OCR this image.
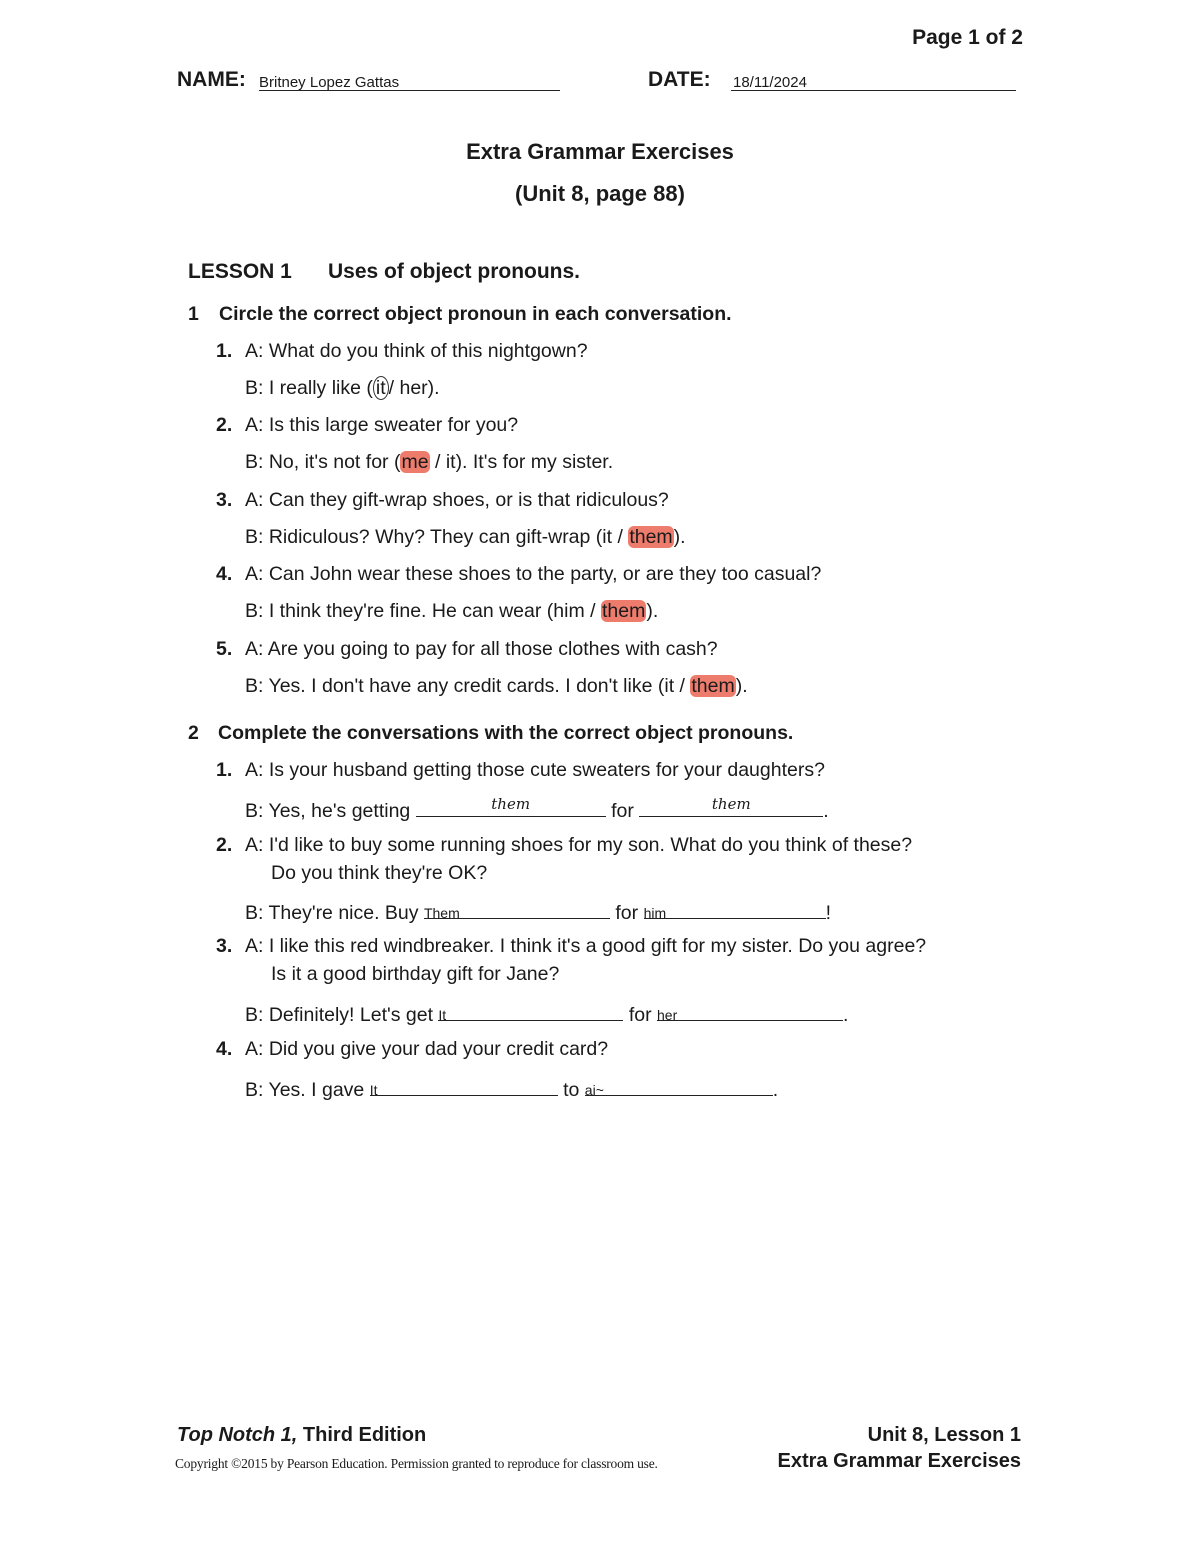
Page 1 of 2
NAME: Britney Lopez Gattas	DATE: 18/11/2024
Extra Grammar Exercises
(Unit 8, page 88)
LESSON 1 Uses of object pronouns.
1 Circle the correct object pronoun in each conversation.
1. A: What do you think of this nightgown?
B: I really like ( it / her).
2. A: Is this large sweater for you?
B: No, it's not for (me / it). It's for my sister.
3. A: Can they gift-wrap shoes, or is that ridiculous?
B: Ridiculous? Why? They can gift-wrap (it / them).
4. A: Can John wear these shoes to the party, or are they too casual?
B: I think they're fine. He can wear (him / them).
5. A: Are you going to pay for all those clothes with cash?
B: Yes. I don't have any credit cards. I don't like (it / them).
2 Complete the conversations with the correct object pronouns.
1. A: Is your husband getting those cute sweaters for your daughters?
B: Yes, he's getting	them	for	them	.
2. A: I'd like to buy some running shoes for my son. What do you think of these?
Do you think they're OK?
B: They're nice. Buy Them	for him	!
3. A: I like this red windbreaker. I think it's a good gift for my sister. Do you agree?
Is it a good birthday gift for Jane?
B: Definitely! Let's get It	for her	.
4. A: Did you give your dad your credit card?
B: Yes. I gave It	to ai~	.
Top Notch 1, Third Edition
Copyright ©2015 by Pearson Education. Permission granted to reproduce for classroom use.
Unit 8, Lesson 1
Extra Grammar Exercises
